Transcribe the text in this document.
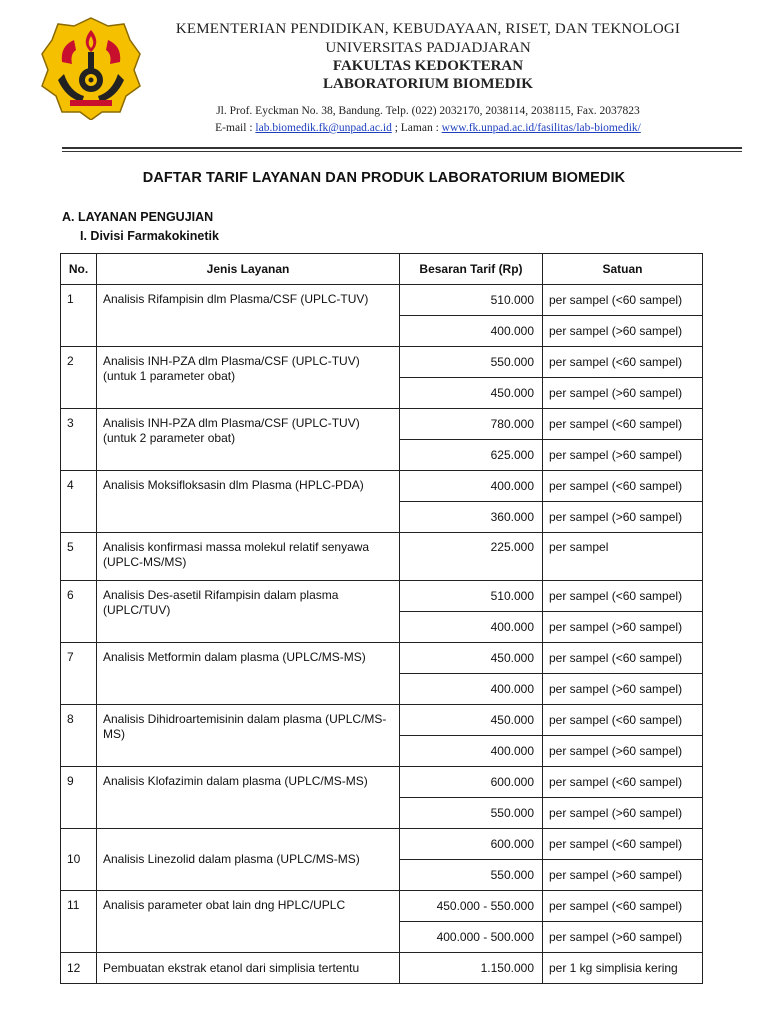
KEMENTERIAN PENDIDIKAN, KEBUDAYAAN, RISET, DAN TEKNOLOGI
UNIVERSITAS PADJADJARAN
FAKULTAS KEDOKTERAN
LABORATORIUM BIOMEDIK
Jl. Prof. Eyckman No. 38, Bandung. Telp. (022) 2032170, 2038114, 2038115, Fax. 2037823
E-mail : lab.biomedik.fk@unpad.ac.id ; Laman : www.fk.unpad.ac.id/fasilitas/lab-biomedik/
DAFTAR TARIF LAYANAN DAN PRODUK LABORATORIUM BIOMEDIK
A. LAYANAN PENGUJIAN
I. Divisi Farmakokinetik
No.	Jenis Layanan	Besaran Tarif (Rp)	Satuan
1	Analisis Rifampisin dlm Plasma/CSF (UPLC-TUV)	510.000	per sampel (<60 sampel)
		400.000	per sampel (>60 sampel)
2	Analisis INH-PZA dlm Plasma/CSF (UPLC-TUV) (untuk 1 parameter obat)	550.000	per sampel (<60 sampel)
		450.000	per sampel (>60 sampel)
3	Analisis INH-PZA dlm Plasma/CSF (UPLC-TUV) (untuk 2 parameter obat)	780.000	per sampel (<60 sampel)
		625.000	per sampel (>60 sampel)
4	Analisis Moksifloksasin dlm Plasma (HPLC-PDA)	400.000	per sampel (<60 sampel)
		360.000	per sampel (>60 sampel)
5	Analisis konfirmasi massa molekul relatif senyawa (UPLC-MS/MS)	225.000	per sampel
6	Analisis Des-asetil Rifampisin dalam plasma (UPLC/TUV)	510.000	per sampel (<60 sampel)
		400.000	per sampel (>60 sampel)
7	Analisis Metformin dalam plasma (UPLC/MS-MS)	450.000	per sampel (<60 sampel)
		400.000	per sampel (>60 sampel)
8	Analisis Dihidroartemisinin dalam plasma (UPLC/MS-MS)	450.000	per sampel (<60 sampel)
		400.000	per sampel (>60 sampel)
9	Analisis Klofazimin dalam plasma (UPLC/MS-MS)	600.000	per sampel (<60 sampel)
		550.000	per sampel (>60 sampel)
10	Analisis Linezolid dalam plasma (UPLC/MS-MS)	600.000	per sampel (<60 sampel)
		550.000	per sampel (>60 sampel)
11	Analisis parameter obat lain dng HPLC/UPLC	450.000 - 550.000	per sampel (<60 sampel)
		400.000 - 500.000	per sampel (>60 sampel)
12	Pembuatan ekstrak etanol dari simplisia tertentu	1.150.000	per 1 kg simplisia kering
